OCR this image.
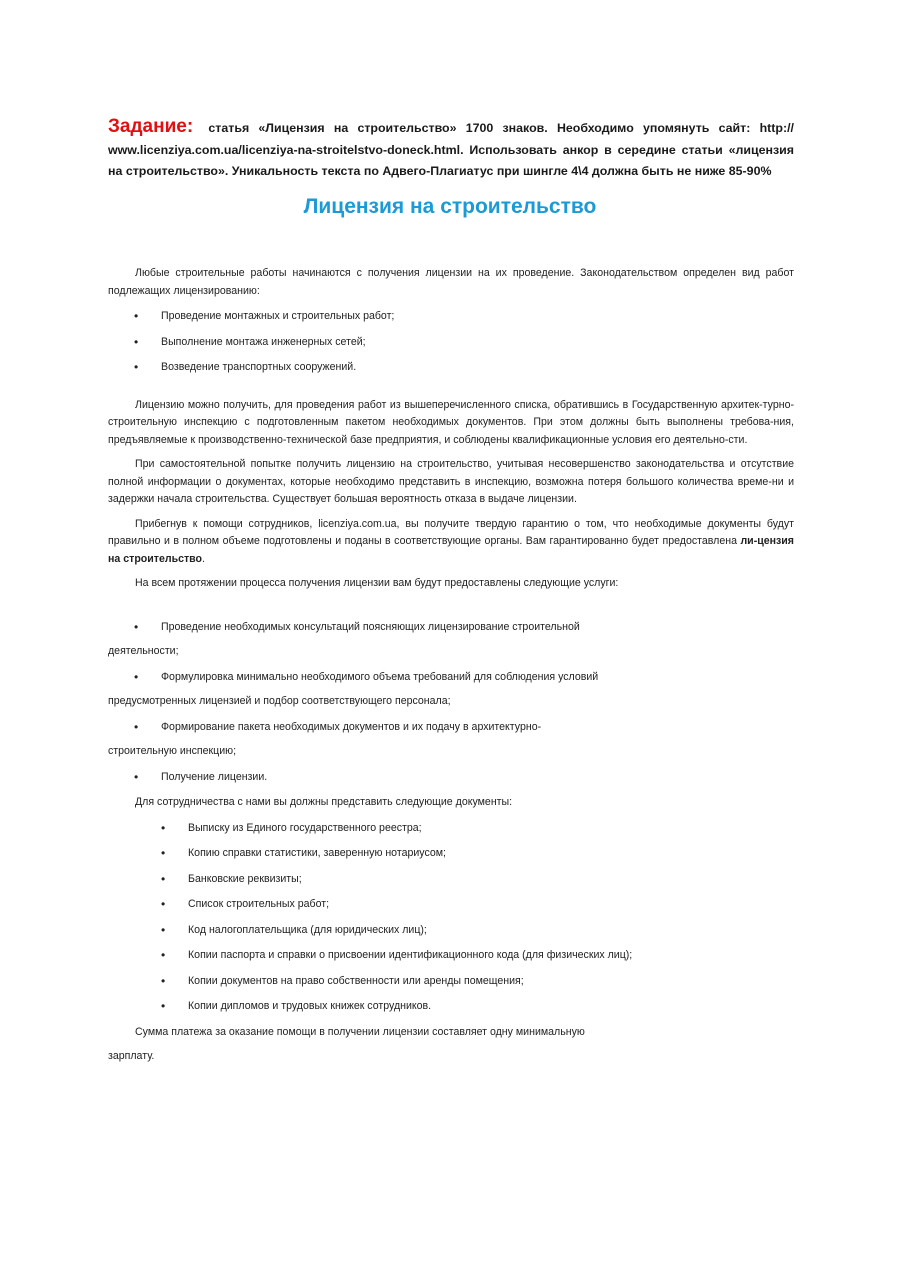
Задание: статья «Лицензия на строительство» 1700 знаков. Необходимо упомянуть сайт: http:// www.licenziya.com.ua/licenziya-na-stroitelstvo-doneck.html. Использовать анкор в середине статьи «лицензия на строительство». Уникальность текста по Адвего-Плагиатус при шингле 4\4 должна быть не ниже 85-90%
Лицензия на строительство

Любые строительные работы начинаются с получения лицензии на их проведение. Законодательством определен вид работ подлежащих лицензированию:

•	Проведение монтажных и строительных работ;
•	Выполнение монтажа инженерных сетей;
•	Возведение транспортных сооружений.

Лицензию можно получить, для проведения работ из вышеперечисленного списка, обратившись в Государственную архитек-турно-строительную инспекцию с подготовленным пакетом необходимых документов. При этом должны быть выполнены требова-ния, предъявляемые к производственно-технической базе предприятия, и соблюдены квалификационные условия его деятельно-сти.

При самостоятельной попытке получить лицензию на строительство, учитывая несовершенство законодательства и отсутствие полной информации о документах, которые необходимо представить в инспекцию, возможна потеря большого количества време-ни и задержки начала строительства. Существует большая вероятность отказа в выдаче лицензии.

Прибегнув к помощи сотрудников, licenziya.com.ua, вы получите твердую гарантию о том, что необходимые документы будут правильно и в полном объеме подготовлены и поданы в соответствующие органы. Вам гарантированно будет предоставлена ли-цензия на строительство.

На всем протяжении процесса получения лицензии вам будут предоставлены следующие услуги:

•	Проведение необходимых консультаций поясняющих лицензирование строительной
деятельности;
•	Формулировка минимально необходимого объема требований для соблюдения условий
предусмотренных лицензией и подбор соответствующего персонала;
•	Формирование пакета необходимых документов и их подачу в архитектурно-
строительную инспекцию;
•	Получение лицензии.

Для сотрудничества с нами вы должны представить следующие документы:

•	Выписку из Единого государственного реестра;
•	Копию справки статистики, заверенную нотариусом;
•	Банковские реквизиты;
•	Список строительных работ;
•	Код налогоплательщика (для юридических лиц);
•	Копии паспорта и справки о присвоении идентификационного кода (для физических лиц);
•	Копии документов на право собственности или аренды помещения;
•	Копии дипломов и трудовых книжек сотрудников.

Сумма платежа за оказание помощи в получении лицензии составляет одну минимальную

зарплату.
